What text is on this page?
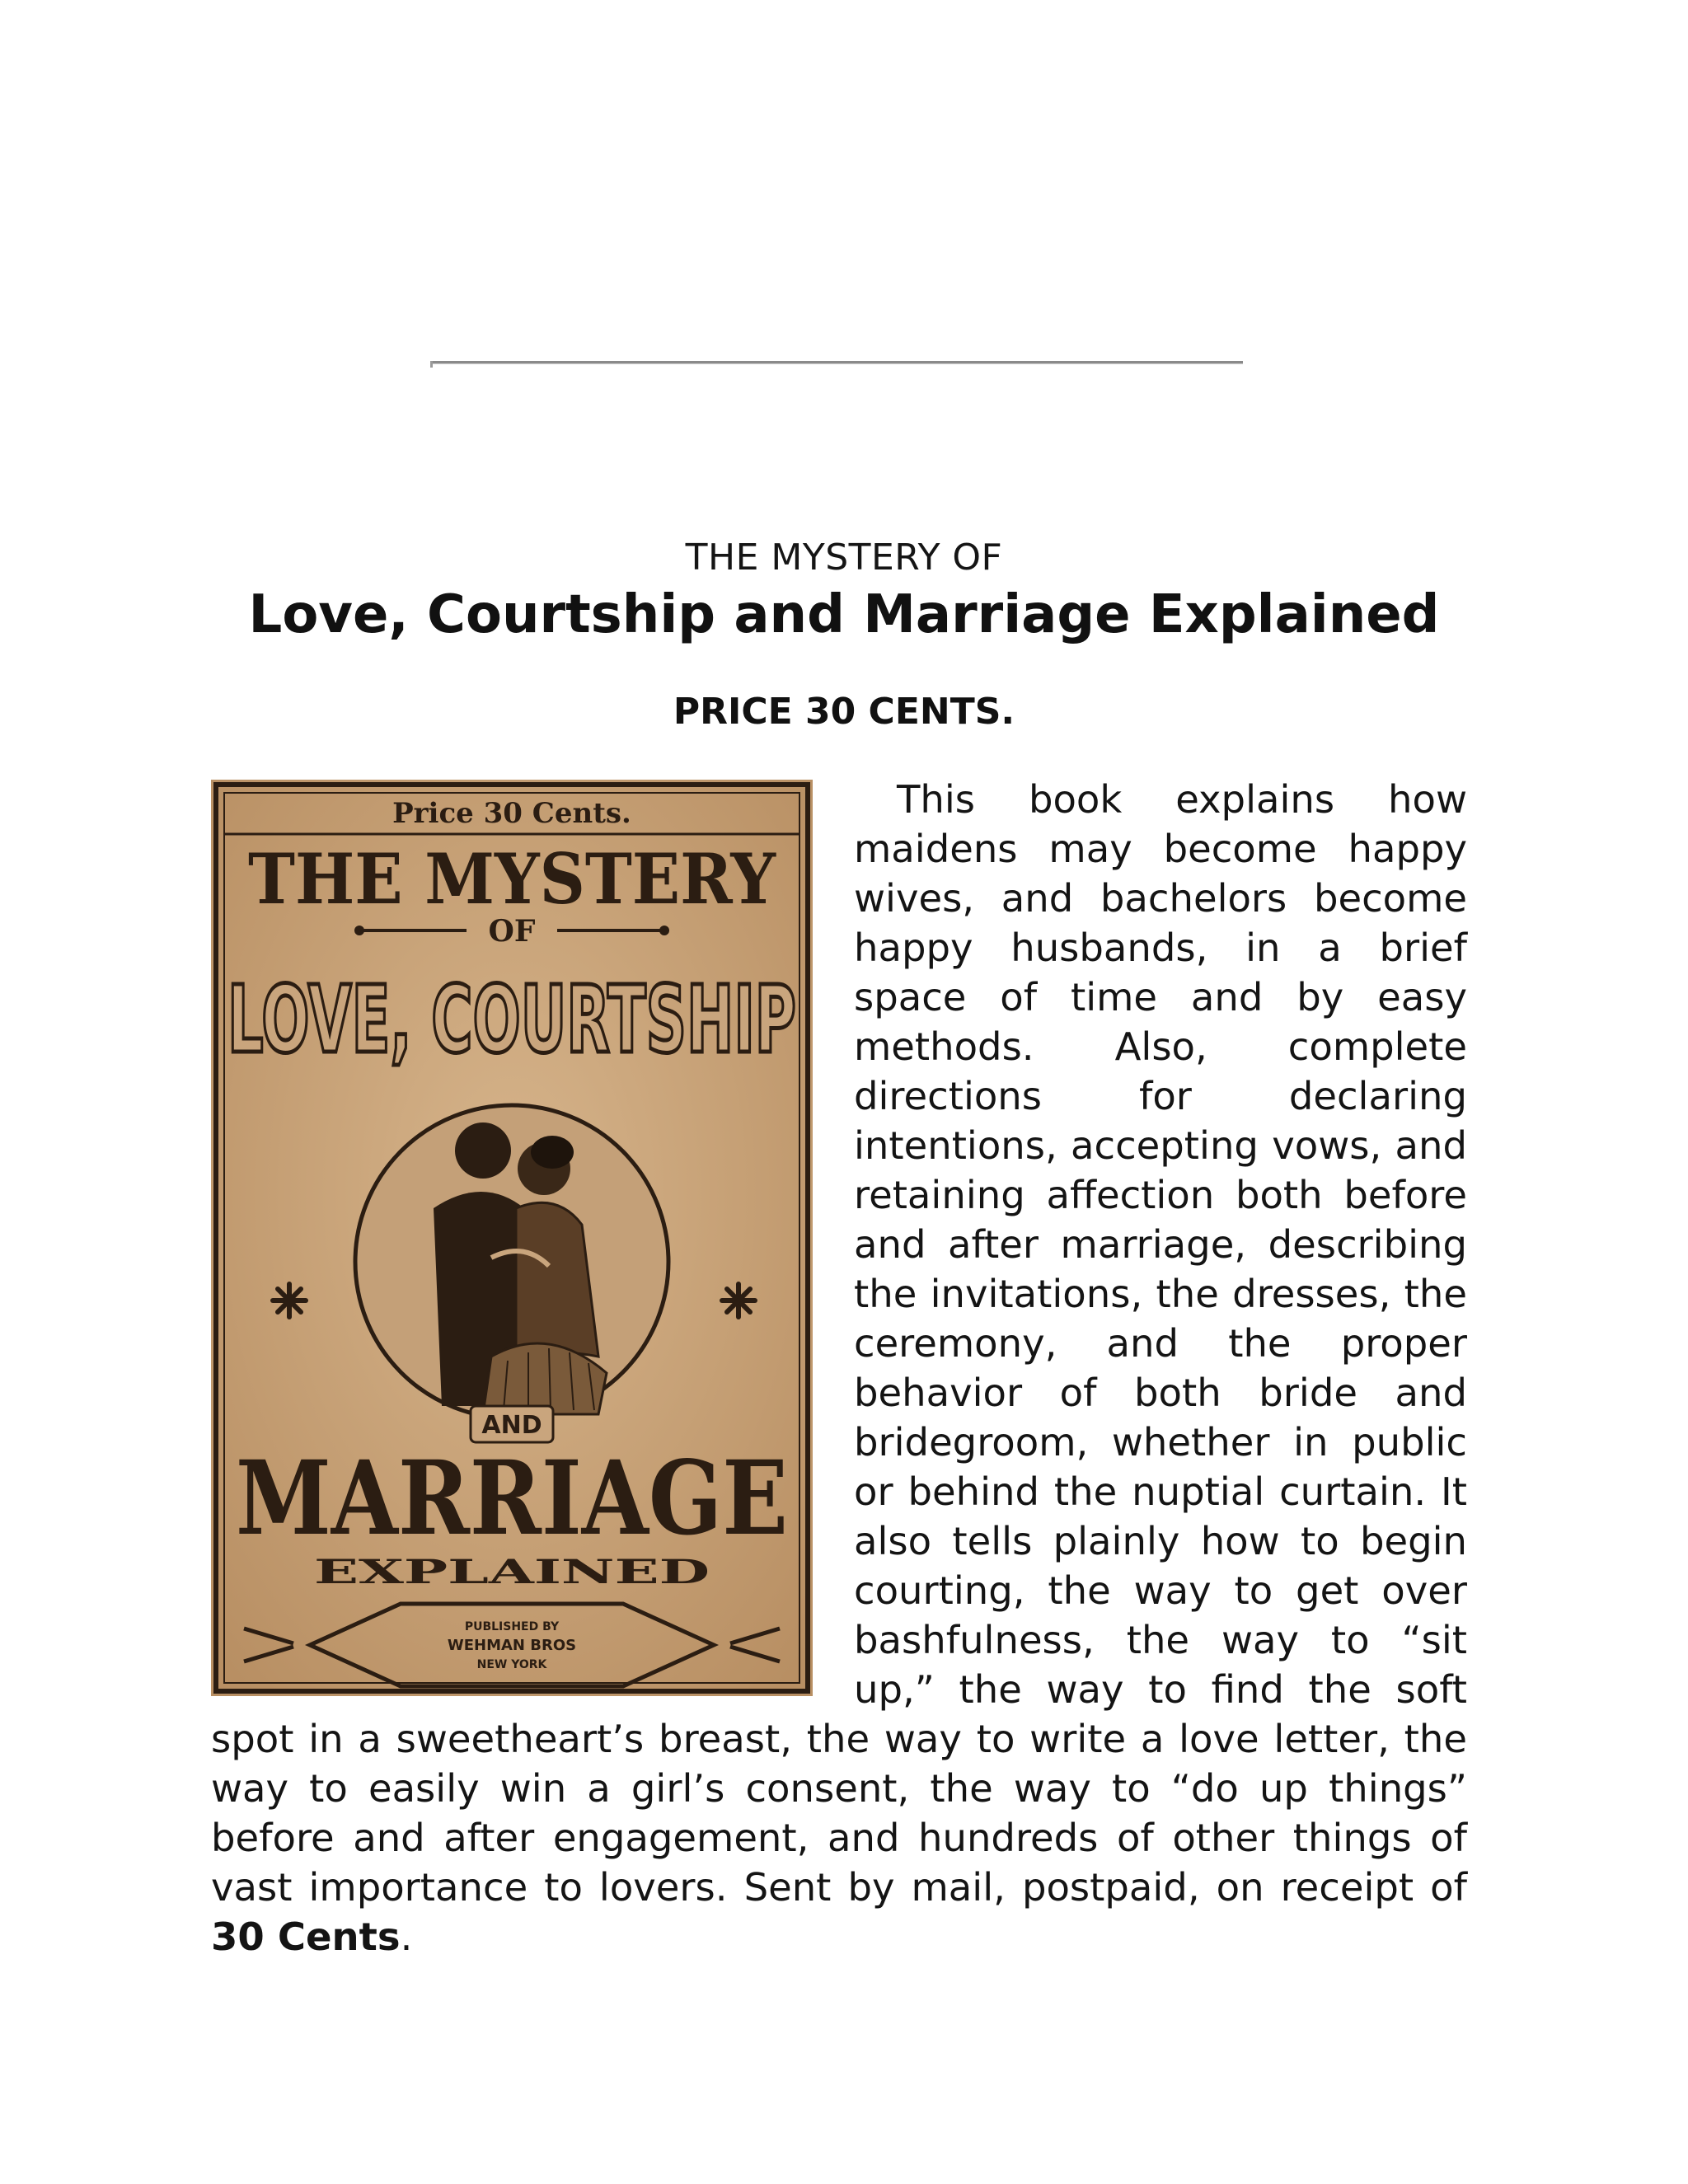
THE MYSTERY OF
Love, Courtship and Marriage Explained
PRICE 30 CENTS.
Price 30 Cents.
THE MYSTERY
OF
LOVE, COURTSHIP
AND
MARRIAGE
EXPLAINED
PUBLISHED BY
WEHMAN BROS
NEW YORK

This book explains how maidens may become happy wives, and bachelors become happy husbands, in a brief space of time and by easy methods. Also, complete directions for declaring intentions, accepting vows, and retaining affection both before and after marriage, describing the invitations, the dresses, the ceremony, and the proper behavior of both bride and bridegroom, whether in public or behind the nuptial curtain. It also tells plainly how to begin courting, the way to get over bashfulness, the way to “sit up,” the way to find the soft spot in a sweetheart’s breast, the way to write a love letter, the way to easily win a girl’s consent, the way to “do up things” before and after engagement, and hundreds of other things of vast importance to lovers. Sent by mail, postpaid, on receipt of 30 Cents.
